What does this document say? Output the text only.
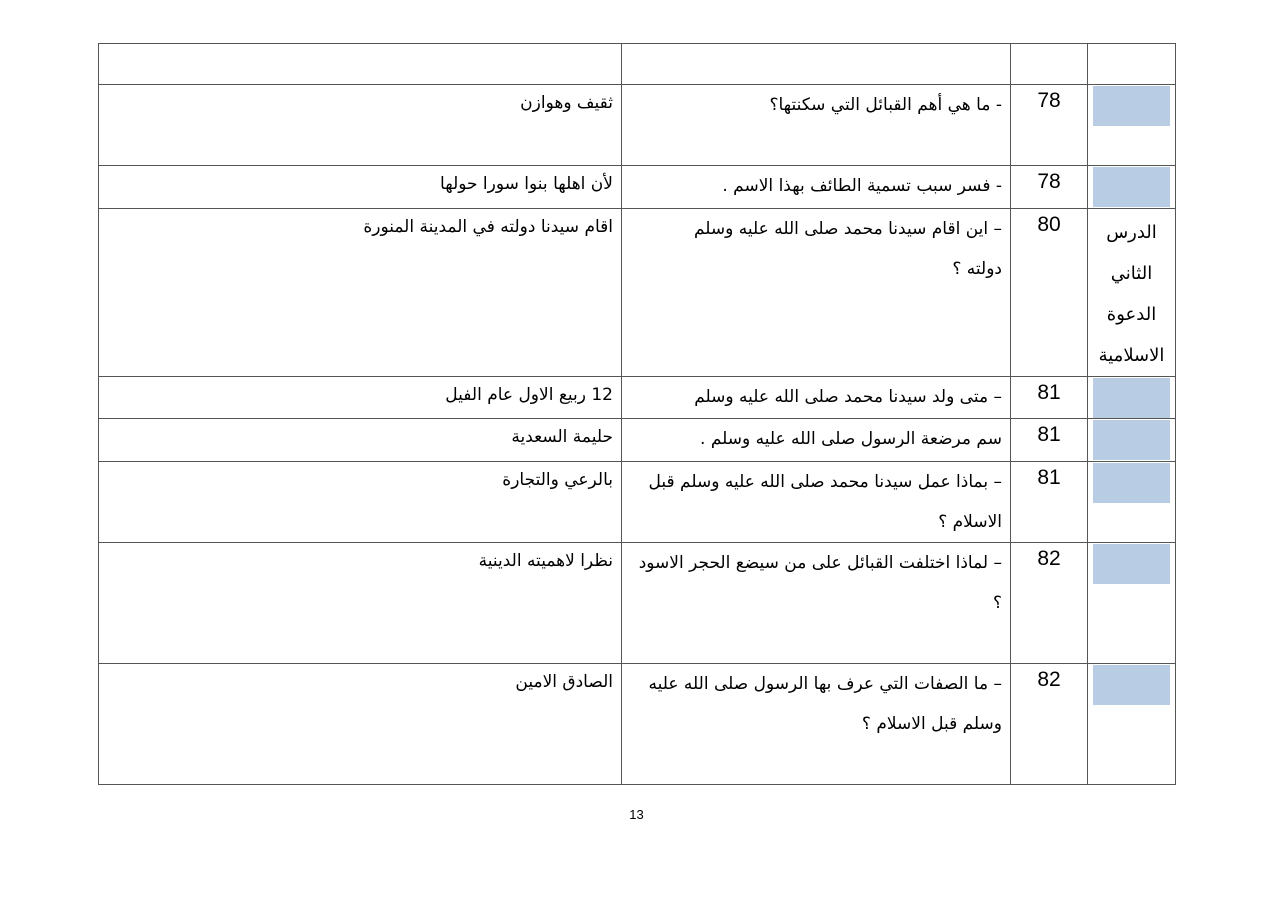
ثقيف وهوازن	- ما هي أهم القبائل التي سكنتها؟	78	

لأن اهلها بنوا سورا حولها	- فسر سبب تسمية الطائف بهذا الاسم .	78	

اقام سيدنا دولته في المدينة المنورة	– اين اقام سيدنا محمد صلى الله عليه وسلم دولته ؟	80	الدرس
الثاني
الدعوة
الاسلامية

12 ربيع الاول عام الفيل	– متى ولد سيدنا محمد صلى الله عليه وسلم	81	

حليمة السعدية	سم مرضعة الرسول صلى الله عليه وسلم .	81	

بالرعي والتجارة	– بماذا عمل سيدنا محمد صلى الله عليه وسلم قبل الاسلام ؟	81	

نظرا لاهميته الدينية	– لماذا اختلفت القبائل على من سيضع الحجر الاسود ؟	82	

الصادق الامين	– ما الصفات التي عرف بها الرسول صلى الله عليه وسلم قبل الاسلام ؟	82	
13
